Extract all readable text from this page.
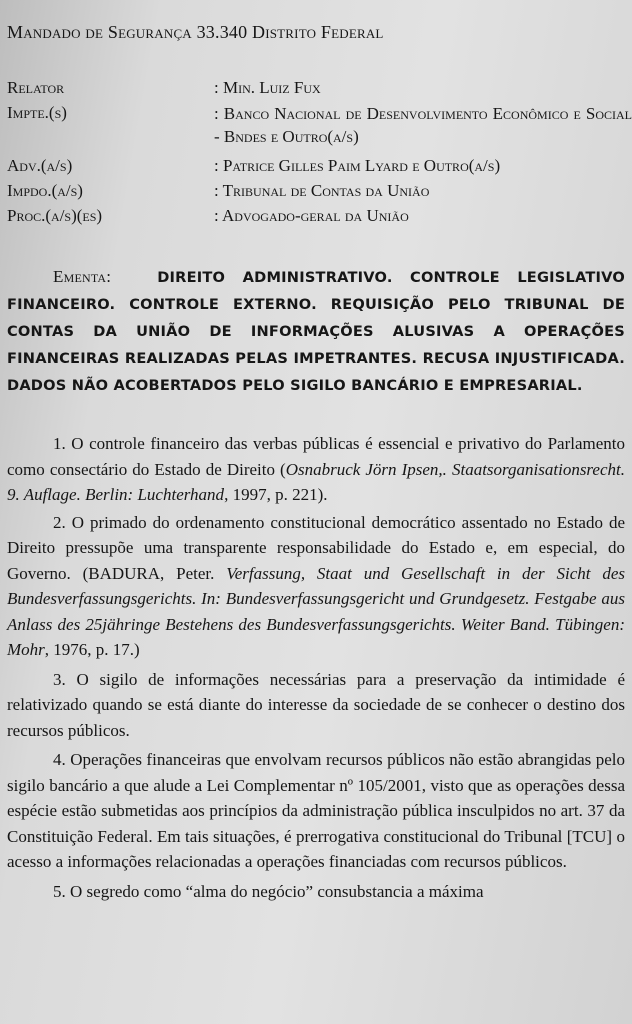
Mandado de Segurança 33.340 Distrito Federal
Relator	: Min. Luiz Fux
Impte.(s)	: Banco Nacional de Desenvolvimento Econômico e Social - Bndes e Outro(a/s)
Adv.(a/s)	: Patrice Gilles Paim Lyard e Outro(a/s)
Impdo.(a/s)	: Tribunal de Contas da União
Proc.(a/s)(es)	: Advogado-geral da União
Ementa:	DIREITO ADMINISTRATIVO. CONTROLE LEGISLATIVO FINANCEIRO. CONTROLE EXTERNO. REQUISIÇÃO PELO TRIBUNAL DE CONTAS DA UNIÃO DE INFORMAÇÕES ALUSIVAS A OPERAÇÕES FINANCEIRAS REALIZADAS PELAS IMPETRANTES. RECUSA INJUSTIFICADA. DADOS NÃO ACOBERTADOS PELO SIGILO BANCÁRIO E EMPRESARIAL.

1. O controle financeiro das verbas públicas é essencial e privativo do Parlamento como consectário do Estado de Direito (Osnabruck Jörn Ipsen,. Staatsorganisationsrecht. 9. Auflage. Berlin: Luchterhand, 1997, p. 221).

2. O primado do ordenamento constitucional democrático assentado no Estado de Direito pressupõe uma transparente responsabilidade do Estado e, em especial, do Governo. (BADURA, Peter. Verfassung, Staat und Gesellschaft in der Sicht des Bundesverfassungsgerichts. In: Bundesverfassungsgericht und Grundgesetz. Festgabe aus Anlass des 25jähringe Bestehens des Bundesverfassungsgerichts. Weiter Band. Tübingen: Mohr, 1976, p. 17.)

3. O sigilo de informações necessárias para a preservação da intimidade é relativizado quando se está diante do interesse da sociedade de se conhecer o destino dos recursos públicos.

4. Operações financeiras que envolvam recursos públicos não estão abrangidas pelo sigilo bancário a que alude a Lei Complementar nº 105/2001, visto que as operações dessa espécie estão submetidas aos princípios da administração pública insculpidos no art. 37 da Constituição Federal. Em tais situações, é prerrogativa constitucional do Tribunal [TCU] o acesso a informações relacionadas a operações financiadas com recursos públicos.

5. O segredo como “alma do negócio” consubstancia a máxima
